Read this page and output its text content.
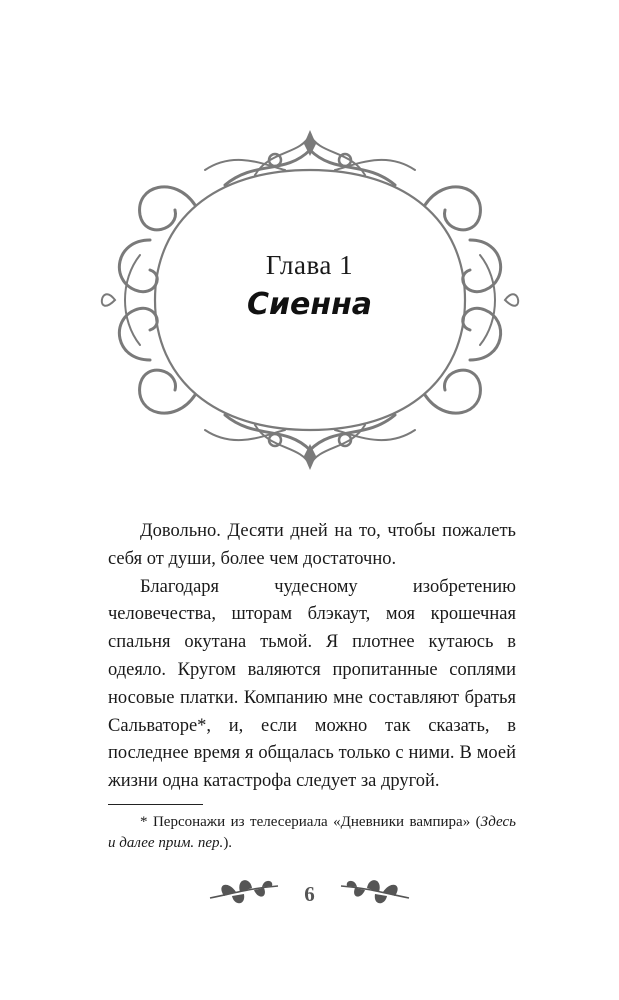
Глава 1
Сиенна

Довольно. Десяти дней на то, чтобы пожалеть себя от души, более чем достаточно.

Благодаря чудесному изобретению человечества, шторам блэкаут, моя крошечная спальня окутана тьмой. Я плотнее кутаюсь в одеяло. Кругом валяются пропитанные соплями носовые платки. Компанию мне составляют братья Сальваторе*, и, если можно так сказать, в последнее время я общалась только с ними. В моей жизни одна катастрофа следует за другой.

* Персонажи из телесериала «Дневники вампира» (Здесь и далее прим. пер.).
6
